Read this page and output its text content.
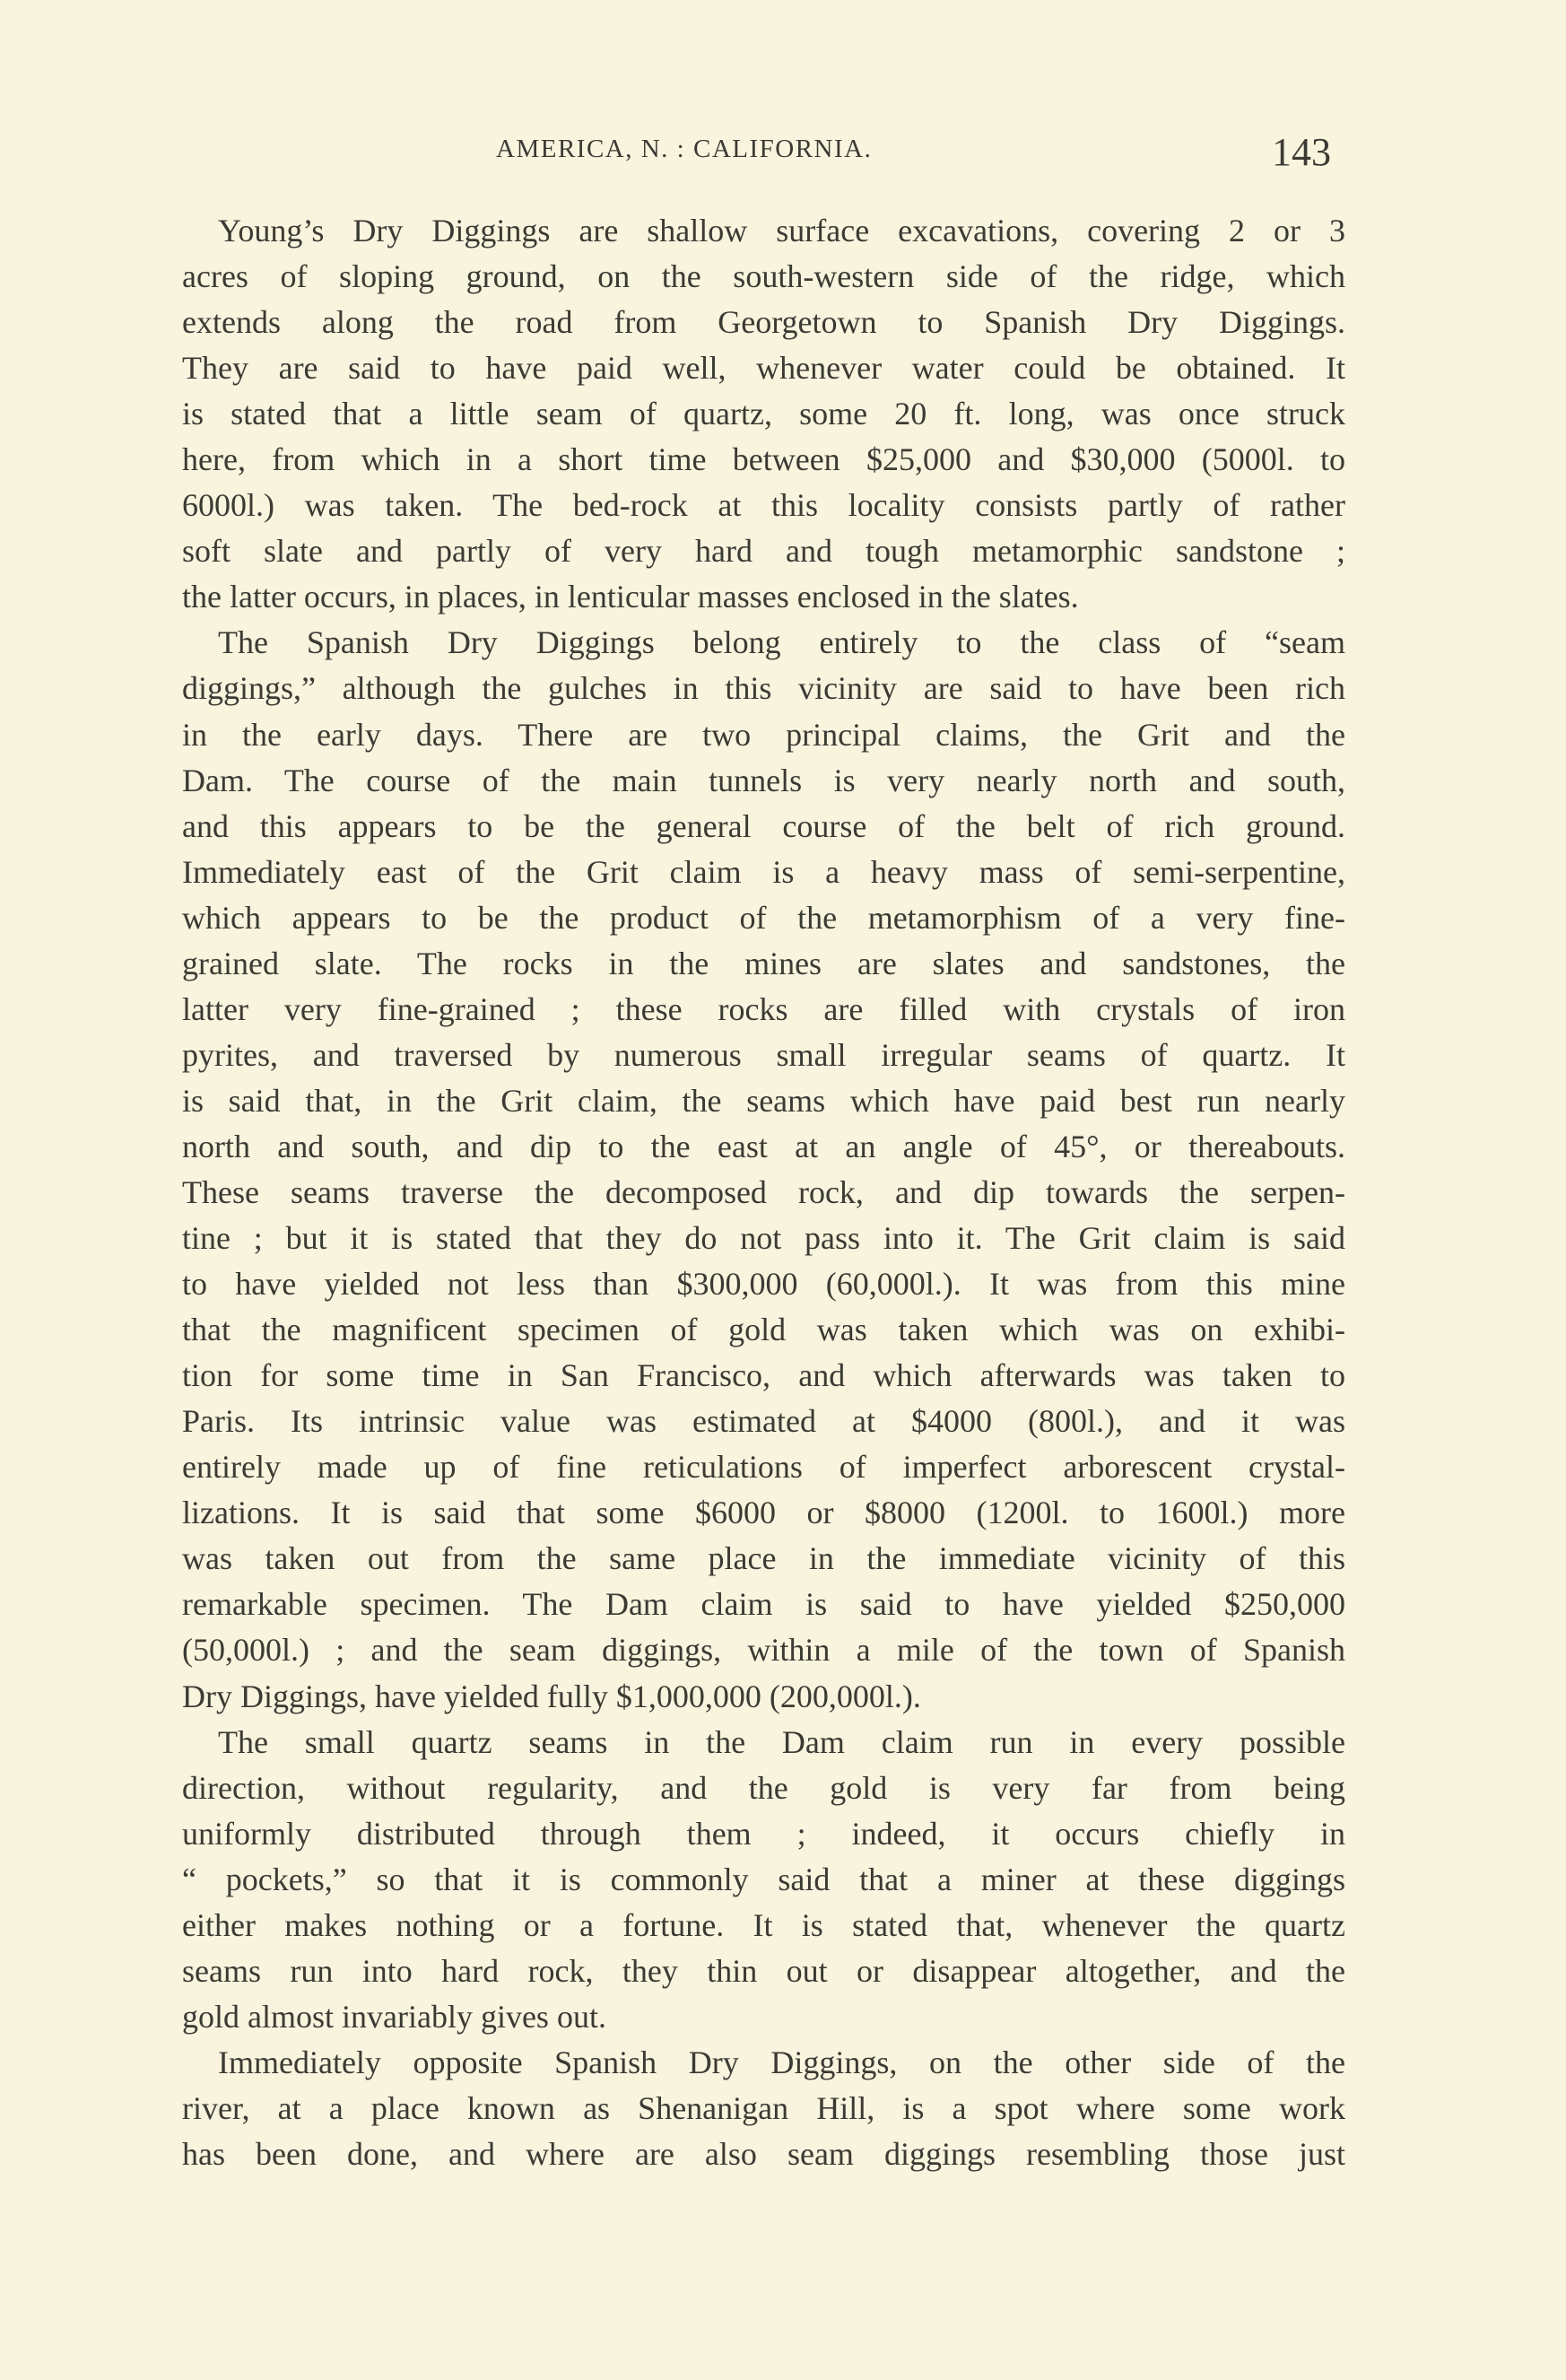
AMERICA, N. : CALIFORNIA.	143
Young’s Dry Diggings are shallow surface excavations, covering 2 or 3
acres of sloping ground, on the south-western side of the ridge, which
extends along the road from Georgetown to Spanish Dry Diggings.
They are said to have paid well, whenever water could be obtained. It
is stated that a little seam of quartz, some 20 ft. long, was once struck
here, from which in a short time between $25,000 and $30,000 (5000l. to
6000l.) was taken. The bed-rock at this locality consists partly of rather
soft slate and partly of very hard and tough metamorphic sandstone ;
the latter occurs, in places, in lenticular masses enclosed in the slates.
The Spanish Dry Diggings belong entirely to the class of “seam
diggings,” although the gulches in this vicinity are said to have been rich
in the early days. There are two principal claims, the Grit and the
Dam. The course of the main tunnels is very nearly north and south,
and this appears to be the general course of the belt of rich ground.
Immediately east of the Grit claim is a heavy mass of semi-serpentine,
which appears to be the product of the metamorphism of a very fine-
grained slate. The rocks in the mines are slates and sandstones, the
latter very fine-grained ; these rocks are filled with crystals of iron
pyrites, and traversed by numerous small irregular seams of quartz. It
is said that, in the Grit claim, the seams which have paid best run nearly
north and south, and dip to the east at an angle of 45°, or thereabouts.
These seams traverse the decomposed rock, and dip towards the serpen-
tine ; but it is stated that they do not pass into it. The Grit claim is said
to have yielded not less than $300,000 (60,000l.). It was from this mine
that the magnificent specimen of gold was taken which was on exhibi-
tion for some time in San Francisco, and which afterwards was taken to
Paris. Its intrinsic value was estimated at $4000 (800l.), and it was
entirely made up of fine reticulations of imperfect arborescent crystal-
lizations. It is said that some $6000 or $8000 (1200l. to 1600l.) more
was taken out from the same place in the immediate vicinity of this
remarkable specimen. The Dam claim is said to have yielded $250,000
(50,000l.) ; and the seam diggings, within a mile of the town of Spanish
Dry Diggings, have yielded fully $1,000,000 (200,000l.).
The small quartz seams in the Dam claim run in every possible
direction, without regularity, and the gold is very far from being
uniformly distributed through them ; indeed, it occurs chiefly in
“ pockets,” so that it is commonly said that a miner at these diggings
either makes nothing or a fortune. It is stated that, whenever the quartz
seams run into hard rock, they thin out or disappear altogether, and the
gold almost invariably gives out.
Immediately opposite Spanish Dry Diggings, on the other side of the
river, at a place known as Shenanigan Hill, is a spot where some work
has been done, and where are also seam diggings resembling those just
